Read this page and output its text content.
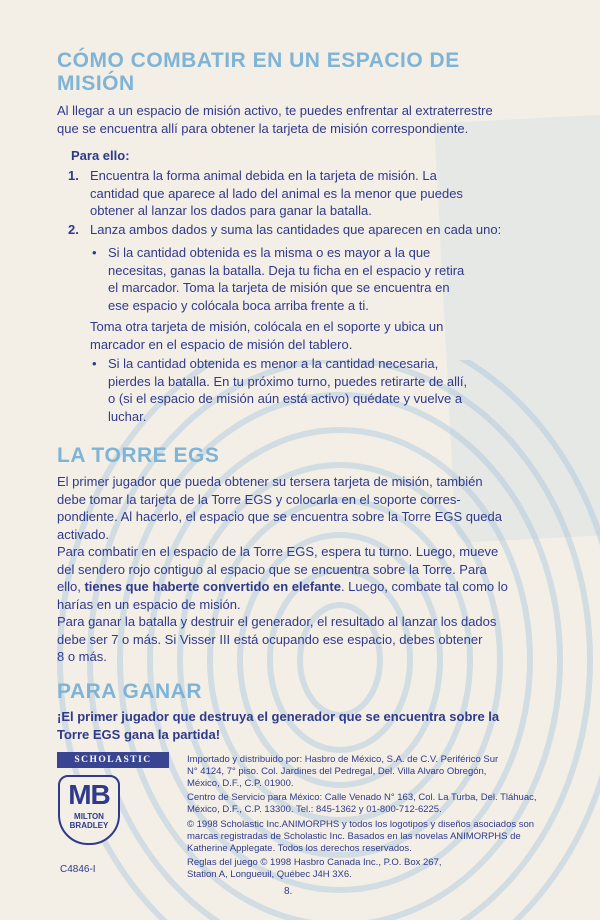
CÓMO COMBATIR EN UN ESPACIO DE
MISIÓN
Al llegar a un espacio de misión activo, te puedes enfrentar al extraterrestre
que se encuentra allí para obtener la tarjeta de misión correspondiente.
Para ello:
1. Encuentra la forma animal debida en la tarjeta de misión. La
cantidad que aparece al lado del animal es la menor que puedes
obtener al lanzar los dados para ganar la batalla.
2. Lanza ambos dados y suma las cantidades que aparecen en cada uno:
• Si la cantidad obtenida es la misma o es mayor a la que
necesitas, ganas la batalla. Deja tu ficha en el espacio y retira
el marcador. Toma la tarjeta de misión que se encuentra en
ese espacio y colócala boca arriba frente a ti.
Toma otra tarjeta de misión, colócala en el soporte y ubica un
marcador en el espacio de misión del tablero.
• Si la cantidad obtenida es menor a la cantidad necesaria,
pierdes la batalla. En tu próximo turno, puedes retirarte de allí,
o (si el espacio de misión aún está activo) quédate y vuelve a
luchar.
LA TORRE EGS
El primer jugador que pueda obtener su tersera tarjeta de misión, también
debe tomar la tarjeta de la Torre EGS y colocarla en el soporte corres-
pondiente. Al hacerlo, el espacio que se encuentra sobre la Torre EGS queda
activado.
Para combatir en el espacio de la Torre EGS, espera tu turno. Luego, mueve
del sendero rojo contiguo al espacio que se encuentra sobre la Torre. Para
ello, tienes que haberte convertido en elefante. Luego, combate tal como lo
harías en un espacio de misión.
Para ganar la batalla y destruir el generador, el resultado al lanzar los dados
debe ser 7 o más. Si Visser III está ocupando ese espacio, debes obtener
8 o más.
PARA GANAR
¡El primer jugador que destruya el generador que se encuentra sobre la
Torre EGS gana la partida!
SCHOLASTIC
MB
MILTON
BRADLEY
C4846-I
Importado y distribuido por: Hasbro de México, S.A. de C.V. Periférico Sur
N° 4124, 7° piso. Col. Jardines del Pedregal, Del. Villa Alvaro Obregón,
México, D.F., C.P. 01900.
Centro de Servicio para México: Calle Venado N° 163, Col. La Turba, Del. Tláhuac,
México, D.F., C.P. 13300. Tel.: 845-1362 y 01-800-712-6225.
© 1998 Scholastic Inc.ANIMORPHS y todos los logotipos y diseños asociados son
marcas registradas de Scholastic Inc. Basados en las novelas ANIMORPHS de
Katherine Applegate. Todos los derechos reservados.
Reglas del juego © 1998 Hasbro Canada Inc., P.O. Box 267,
Station A, Longueuil, Québec J4H 3X6.
8.
